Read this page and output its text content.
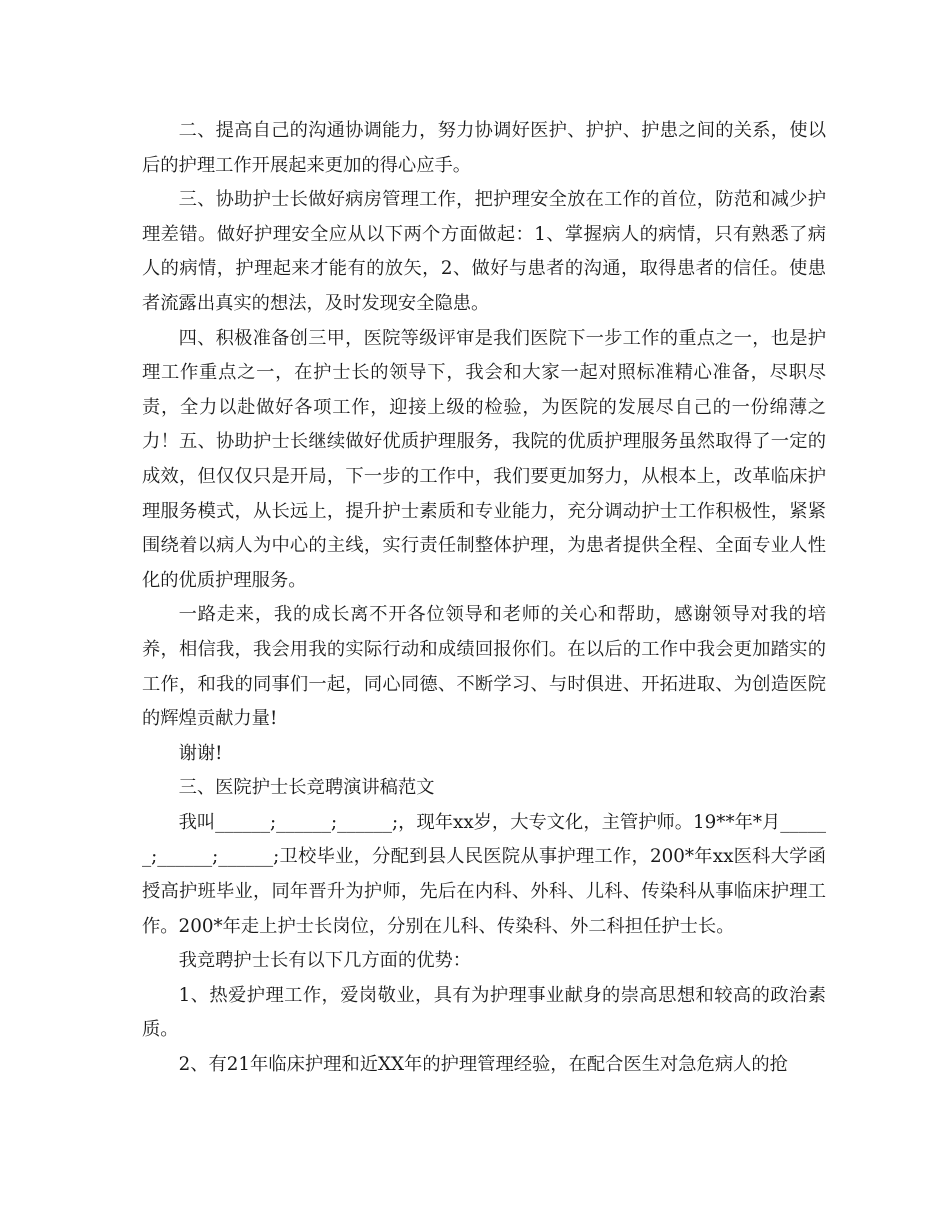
二、提高自己的沟通协调能力，努力协调好医护、护护、护患之间的关系，使以后的护理工作开展起来更加的得心应手。

三、协助护士长做好病房管理工作，把护理安全放在工作的首位，防范和减少护理差错。做好护理安全应从以下两个方面做起：1、掌握病人的病情，只有熟悉了病人的病情，护理起来才能有的放矢，2、做好与患者的沟通，取得患者的信任。使患者流露出真实的想法，及时发现安全隐患。

四、积极准备创三甲，医院等级评审是我们医院下一步工作的重点之一，也是护理工作重点之一，在护士长的领导下，我会和大家一起对照标准精心准备，尽职尽责，全力以赴做好各项工作，迎接上级的检验，为医院的发展尽自己的一份绵薄之力！五、协助护士长继续做好优质护理服务，我院的优质护理服务虽然取得了一定的成效，但仅仅只是开局，下一步的工作中，我们要更加努力，从根本上，改革临床护理服务模式，从长远上，提升护士素质和专业能力，充分调动护士工作积极性，紧紧围绕着以病人为中心的主线，实行责任制整体护理，为患者提供全程、全面专业人性化的优质护理服务。

一路走来，我的成长离不开各位领导和老师的关心和帮助，感谢领导对我的培养，相信我，我会用我的实际行动和成绩回报你们。在以后的工作中我会更加踏实的工作，和我的同事们一起，同心同德、不断学习、与时俱进、开拓进取、为创造医院的辉煌贡献力量!

谢谢!

三、医院护士长竞聘演讲稿范文

我叫______;______;______;，现年xx岁，大专文化，主管护师。19**年*月______;______;______;卫校毕业，分配到县人民医院从事护理工作，200*年xx医科大学函授高护班毕业，同年晋升为护师，先后在内科、外科、儿科、传染科从事临床护理工作。200*年走上护士长岗位，分别在儿科、传染科、外二科担任护士长。

我竞聘护士长有以下几方面的优势：

1、热爱护理工作，爱岗敬业，具有为护理事业献身的崇高思想和较高的政治素质。

2、有21年临床护理和近XX年的护理管理经验，在配合医生对急危病人的抢
